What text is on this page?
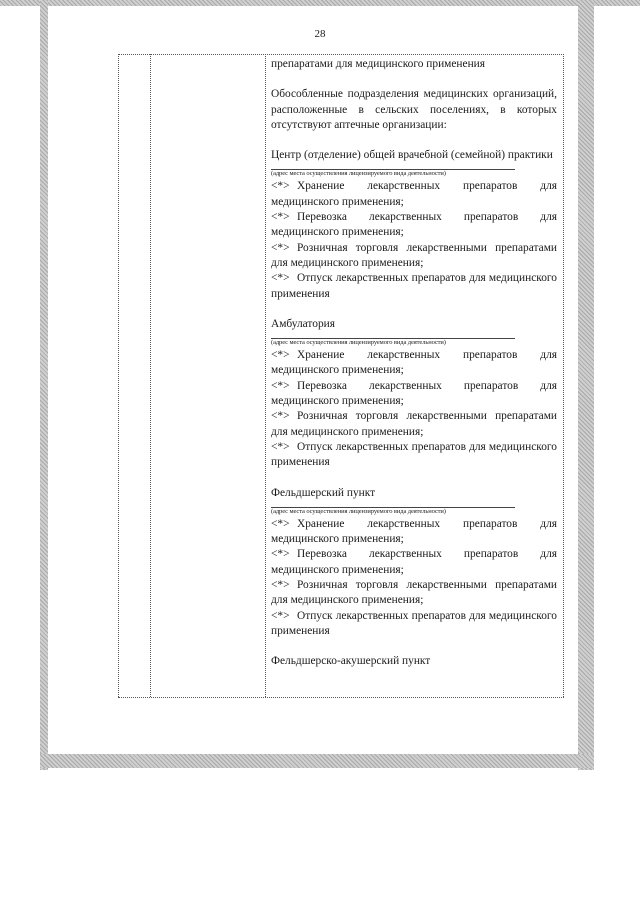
28

препаратами для медицинского применения

Обособленные подразделения медицинских организаций, расположенные в сельских поселениях, в которых отсутствуют аптечные организации:

Центр (отделение) общей врачебной (семейной) практики

(адрес места осуществления лицензируемого вида деятельности)

<*> Хранение лекарственных препаратов для медицинского применения;

<*> Перевозка лекарственных препаратов для медицинского применения;

<*> Розничная торговля лекарственными препаратами для медицинского применения;

<*> Отпуск лекарственных препаратов для медицинского применения

Амбулатория

(адрес места осуществления лицензируемого вида деятельности)

<*> Хранение лекарственных препаратов для медицинского применения;

<*> Перевозка лекарственных препаратов для медицинского применения;

<*> Розничная торговля лекарственными препаратами для медицинского применения;

<*> Отпуск лекарственных препаратов для медицинского применения

Фельдшерский пункт

(адрес места осуществления лицензируемого вида деятельности)

<*> Хранение лекарственных препаратов для медицинского применения;

<*> Перевозка лекарственных препаратов для медицинского применения;

<*> Розничная торговля лекарственными препаратами для медицинского применения;

<*> Отпуск лекарственных препаратов для медицинского применения

Фельдшерско-акушерский пункт
